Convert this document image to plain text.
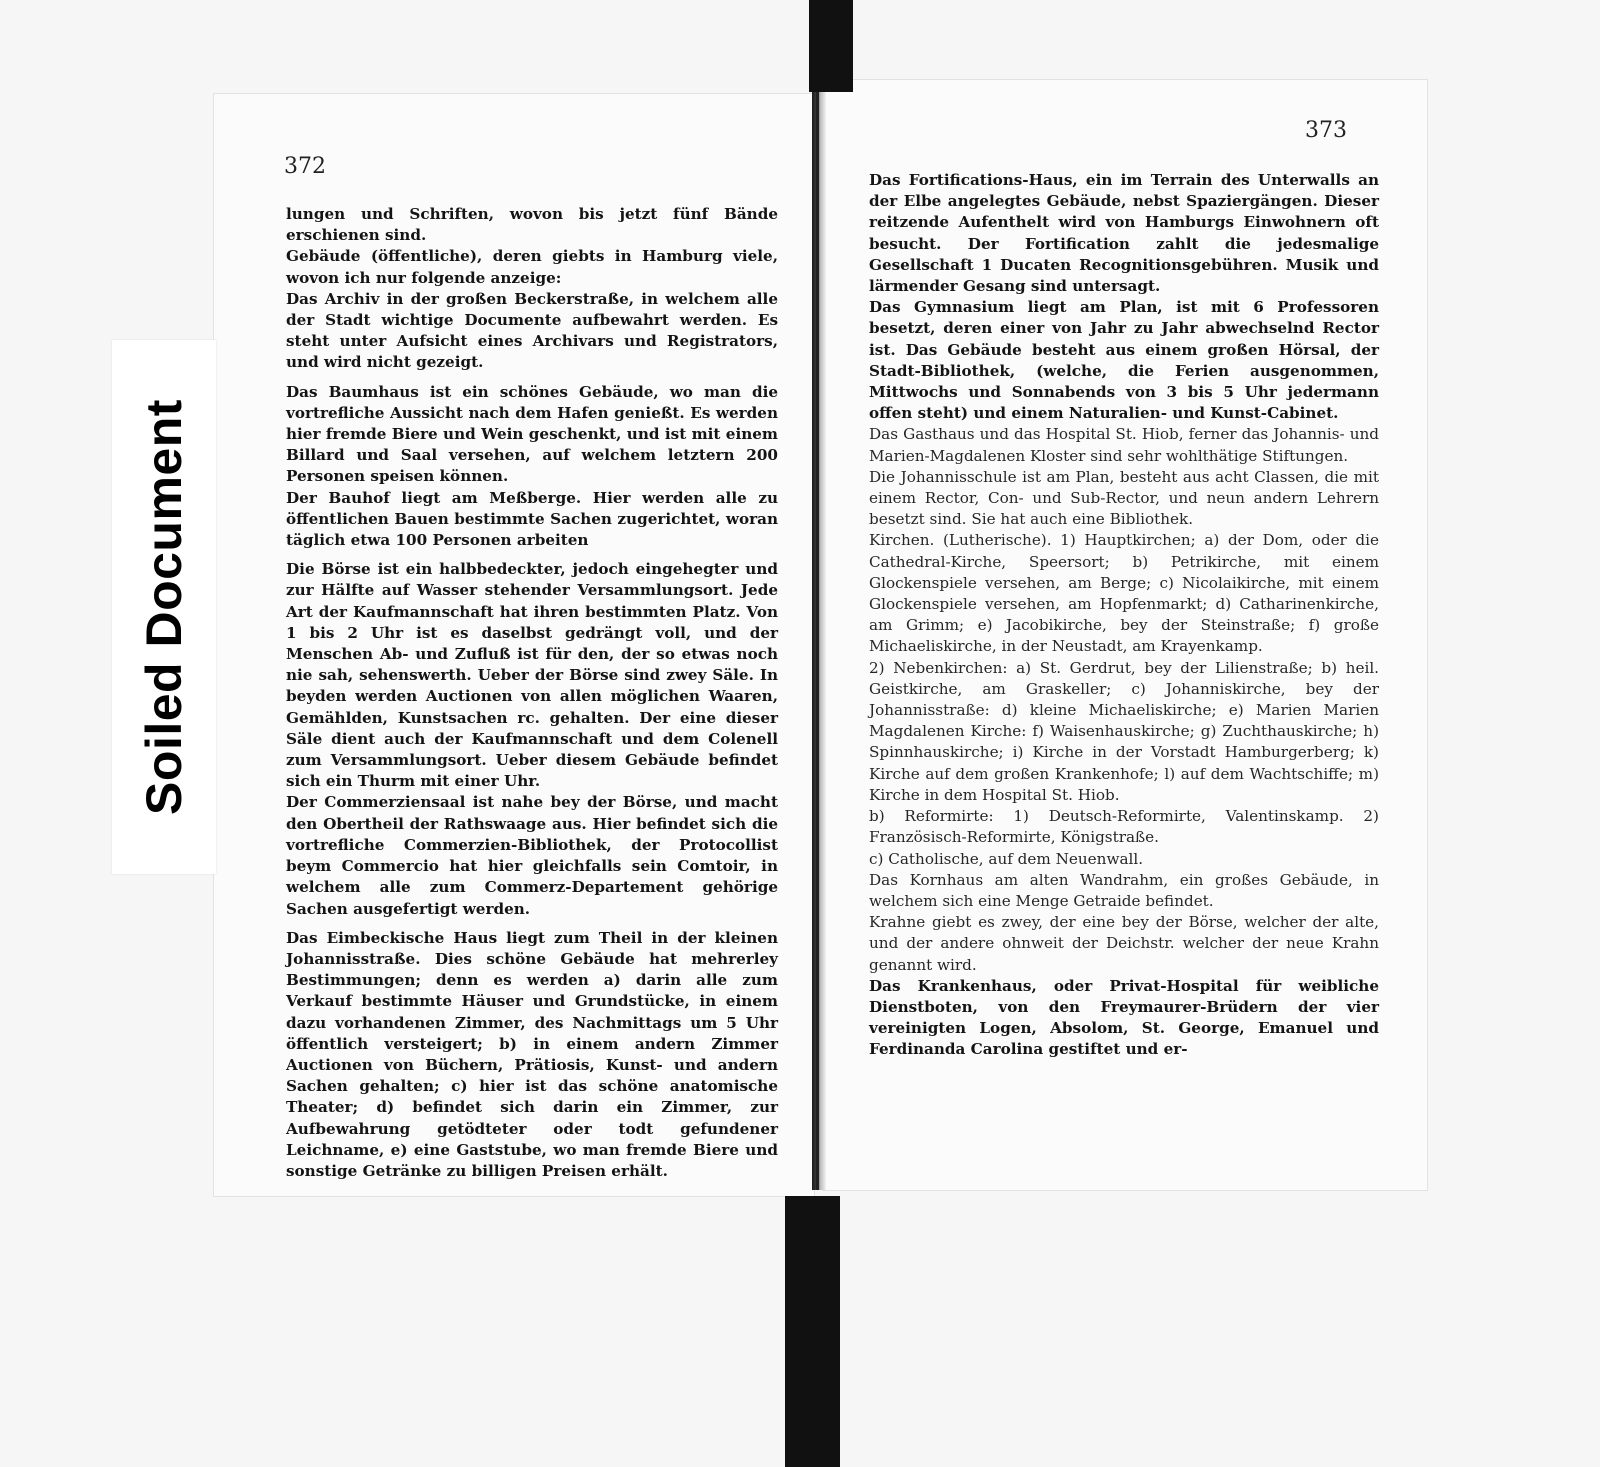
372

lungen und Schriften, wovon bis jetzt fünf Bände erschienen sind.

Gebäude (öffentliche), deren giebts in Hamburg viele, wovon ich nur folgende anzeige:

Das Archiv in der großen Beckerstraße, in welchem alle der Stadt wichtige Documente aufbewahrt werden. Es steht unter Aufsicht eines Archivars und Registrators, und wird nicht gezeigt.

Das Baumhaus ist ein schönes Gebäude, wo man die vortrefliche Aussicht nach dem Hafen genießt. Es werden hier fremde Biere und Wein geschenkt, und ist mit einem Billard und Saal versehen, auf welchem letztern 200 Personen speisen können.

Der Bauhof liegt am Meßberge. Hier werden alle zu öffentlichen Bauen bestimmte Sachen zugerichtet, woran täglich etwa 100 Personen arbeiten

Die Börse ist ein halbbedeckter, jedoch eingehegter und zur Hälfte auf Wasser stehender Versammlungsort. Jede Art der Kaufmannschaft hat ihren bestimmten Platz. Von 1 bis 2 Uhr ist es daselbst gedrängt voll, und der Menschen Ab- und Zufluß ist für den, der so etwas noch nie sah, sehenswerth. Ueber der Börse sind zwey Säle. In beyden werden Auctionen von allen möglichen Waaren, Gemählden, Kunstsachen rc. gehalten. Der eine dieser Säle dient auch der Kaufmannschaft und dem Colenell zum Versammlungsort. Ueber diesem Gebäude befindet sich ein Thurm mit einer Uhr.

Der Commerziensaal ist nahe bey der Börse, und macht den Obertheil der Rathswaage aus. Hier befindet sich die vortrefliche Commerzien-Bibliothek, der Protocollist beym Commercio hat hier gleichfalls sein Comtoir, in welchem alle zum Commerz-Departement gehörige Sachen ausgefertigt werden.

Das Eimbeckische Haus liegt zum Theil in der kleinen Johannisstraße. Dies schöne Gebäude hat mehrerley Bestimmungen; denn es werden a) darin alle zum Verkauf bestimmte Häuser und Grundstücke, in einem dazu vorhandenen Zimmer, des Nachmittags um 5 Uhr öffentlich versteigert; b) in einem andern Zimmer Auctionen von Büchern, Prätiosis, Kunst- und andern Sachen gehalten; c) hier ist das schöne anatomische Theater; d) befindet sich darin ein Zimmer, zur Aufbewahrung getödteter oder todt gefundener Leichname, e) eine Gaststube, wo man fremde Biere und sonstige Getränke zu billigen Preisen erhält.

373

Das Fortifications-Haus, ein im Terrain des Unterwalls an der Elbe angelegtes Gebäude, nebst Spaziergängen. Dieser reitzende Aufenthelt wird von Hamburgs Einwohnern oft besucht. Der Fortification zahlt die jedesmalige Gesellschaft 1 Ducaten Recognitionsgebühren. Musik und lärmender Gesang sind untersagt.

Das Gymnasium liegt am Plan, ist mit 6 Professoren besetzt, deren einer von Jahr zu Jahr abwechselnd Rector ist. Das Gebäude besteht aus einem großen Hörsal, der Stadt-Bibliothek, (welche, die Ferien ausgenommen, Mittwochs und Sonnabends von 3 bis 5 Uhr jedermann offen steht) und einem Naturalien- und Kunst-Cabinet.

Das Gasthaus und das Hospital St. Hiob, ferner das Johannis- und Marien-Magdalenen Kloster sind sehr wohlthätige Stiftungen.

Die Johannisschule ist am Plan, besteht aus acht Classen, die mit einem Rector, Con- und Sub-Rector, und neun andern Lehrern besetzt sind. Sie hat auch eine Bibliothek.

Kirchen. (Lutherische). 1) Hauptkirchen; a) der Dom, oder die Cathedral-Kirche, Speersort; b) Petrikirche, mit einem Glockenspiele versehen, am Berge; c) Nicolaikirche, mit einem Glockenspiele versehen, am Hopfenmarkt; d) Catharinenkirche, am Grimm; e) Jacobikirche, bey der Steinstraße; f) große Michaeliskirche, in der Neustadt, am Krayenkamp.

2) Nebenkirchen: a) St. Gerdrut, bey der Lilienstraße; b) heil. Geistkirche, am Graskeller; c) Johanniskirche, bey der Johannisstraße: d) kleine Michaeliskirche; e) Marien Marien Magdalenen Kirche: f) Waisenhauskirche; g) Zuchthauskirche; h) Spinnhauskirche; i) Kirche in der Vorstadt Hamburgerberg; k) Kirche auf dem großen Krankenhofe; l) auf dem Wachtschiffe; m) Kirche in dem Hospital St. Hiob.

b) Reformirte: 1) Deutsch-Reformirte, Valentinskamp. 2) Französisch-Reformirte, Königstraße.

c) Catholische, auf dem Neuenwall.

Das Kornhaus am alten Wandrahm, ein großes Gebäude, in welchem sich eine Menge Getraide befindet.

Krahne giebt es zwey, der eine bey der Börse, welcher der alte, und der andere ohnweit der Deichstr. welcher der neue Krahn genannt wird.

Das Krankenhaus, oder Privat-Hospital für weibliche Dienstboten, von den Freymaurer-Brüdern der vier vereinigten Logen, Absolom, St. George, Emanuel und Ferdinanda Carolina gestiftet und er-

Soiled Document
